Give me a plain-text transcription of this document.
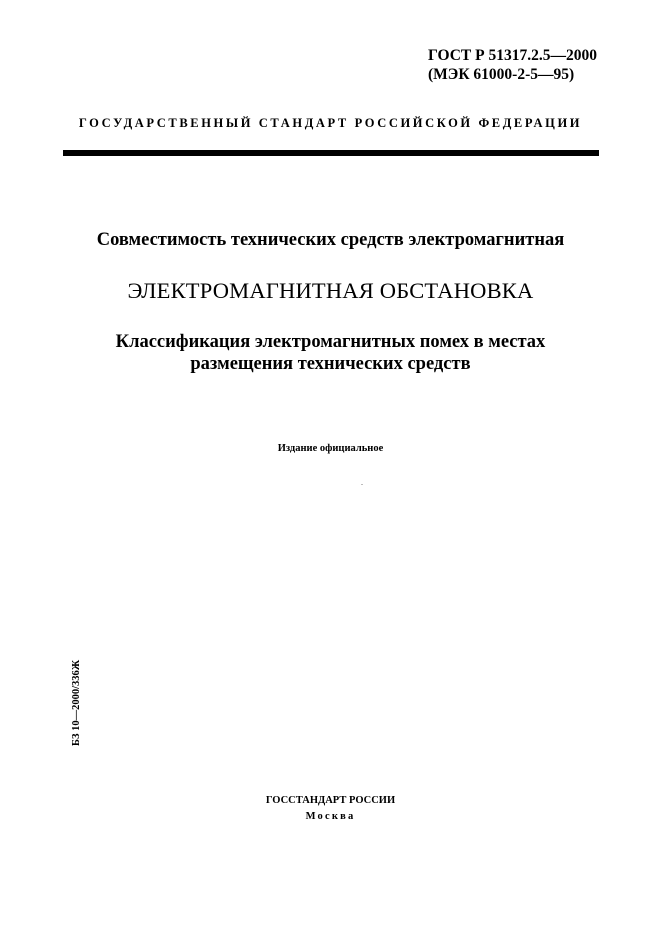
ГОСТ Р 51317.2.5—2000
(МЭК 61000-2-5—95)
ГОСУДАРСТВЕННЫЙ СТАНДАРТ РОССИЙСКОЙ ФЕДЕРАЦИИ

Совместимость технических средств электромагнитная

ЭЛЕКТРОМАГНИТНАЯ ОБСТАНОВКА

Классификация электромагнитных помех в местах
размещения технических средств

Издание официальное
БЗ 10—2000/336Ж
ГОССТАНДАРТ РОССИИ
Москва
